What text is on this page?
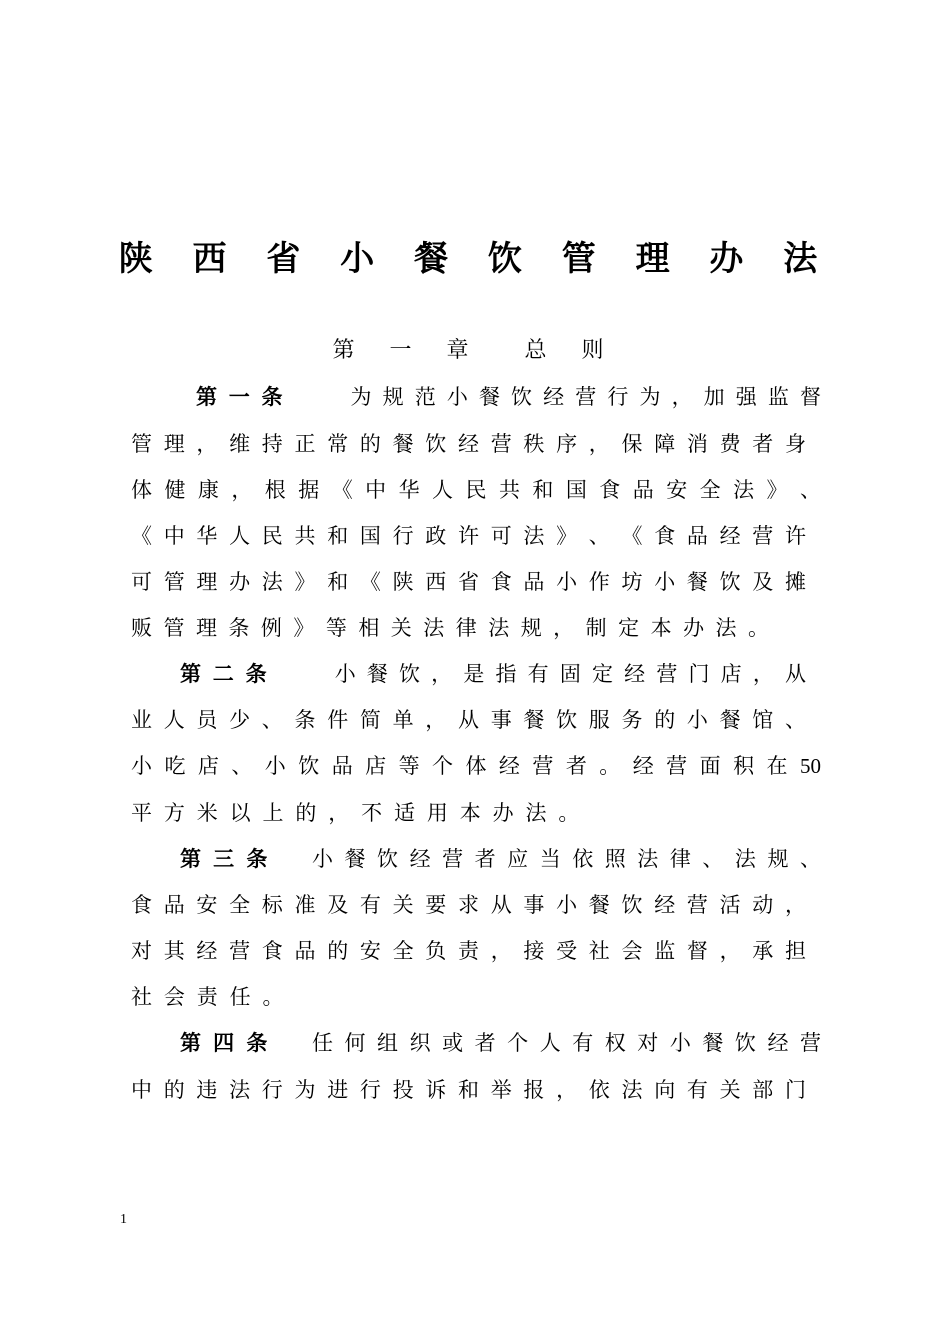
陕 西 省 小 餐 饮 管 理 办 法
第 一 章 总 则
第 一 条	为 规 范 小 餐 饮 经 营 行 为 ， 加 强 监 督
管 理 ， 维 持 正 常 的 餐 饮 经 营 秩 序 ， 保 障 消 费 者 身
体 健 康 ， 根 据 《 中 华 人 民 共 和 国 食 品 安 全 法 》 、
《 中 华 人 民 共 和 国 行 政 许 可 法 》 、 《 食 品 经 营 许
可 管 理 办 法 》 和 《 陕 西 省 食 品 小 作 坊 小 餐 饮 及 摊
贩 管 理 条 例 》 等 相 关 法 律 法 规 ， 制 定 本 办 法 。
第 二 条	小 餐 饮 ， 是 指 有 固 定 经 营 门 店 ， 从
业 人 员 少 、 条 件 简 单 ， 从 事 餐 饮 服 务 的 小 餐 馆 、
小 吃 店 、 小 饮 品 店 等 个 体 经 营 者 。 经 营 面 积 在 50
平 方 米 以 上 的 ， 不 适 用 本 办 法 。
第 三 条 小 餐 饮 经 营 者 应 当 依 照 法 律 、 法 规 、
食 品 安 全 标 准 及 有 关 要 求 从 事 小 餐 饮 经 营 活 动 ，
对 其 经 营 食 品 的 安 全 负 责 ， 接 受 社 会 监 督 ， 承 担
社 会 责 任 。
第 四 条 任 何 组 织 或 者 个 人 有 权 对 小 餐 饮 经 营
中 的 违 法 行 为 进 行 投 诉 和 举 报 ， 依 法 向 有 关 部 门
1
